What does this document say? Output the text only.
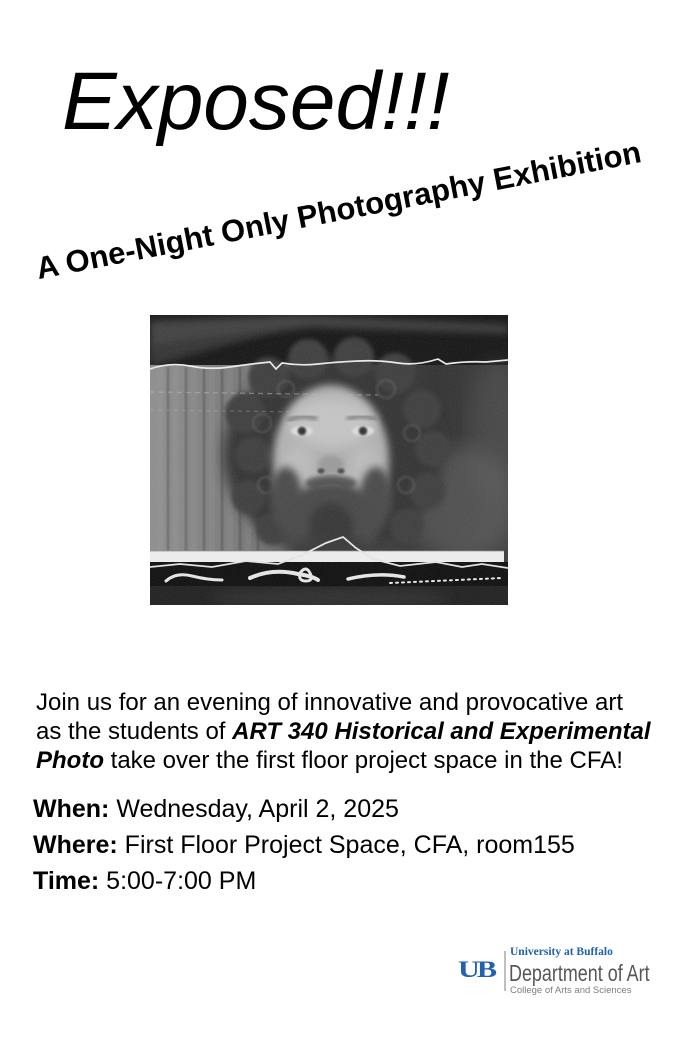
Exposed!!!
A One-Night Only Photography Exhibition

Join us for an evening of innovative and provocative art
as the students of ART 340 Historical and Experimental
Photo take over the first floor project space in the CFA!

When: Wednesday, April 2, 2025
Where: First Floor Project Space, CFA, room155
Time: 5:00-7:00 PM
UB
University at Buffalo
Department of Art
College of Arts and Sciences
